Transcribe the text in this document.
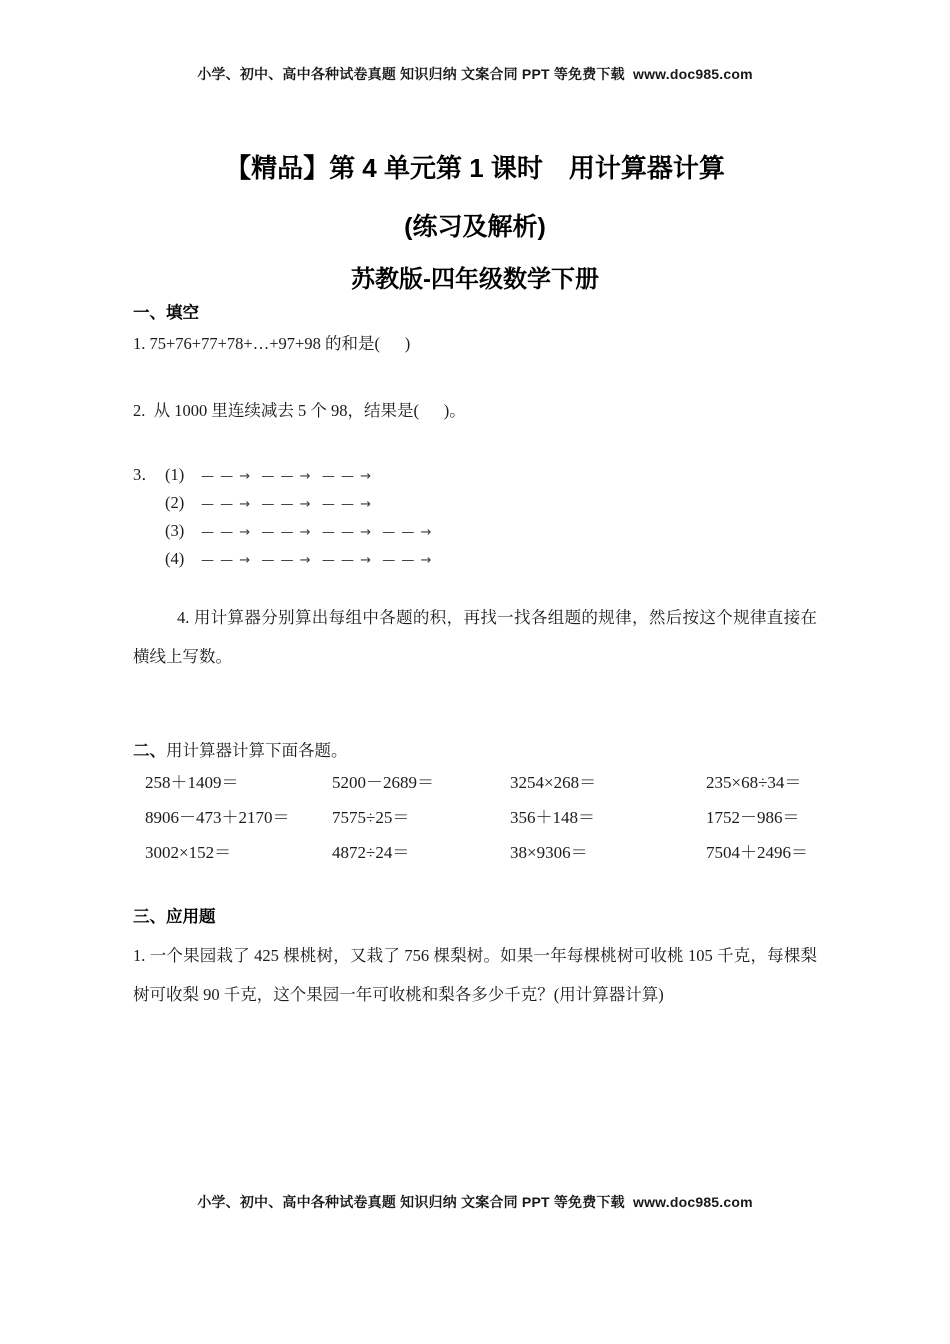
小学、初中、高中各种试卷真题 知识归纳 文案合同 PPT 等免费下载  www.doc985.com
【精品】第 4 单元第 1 课时　用计算器计算
(练习及解析)
苏教版-四年级数学下册
一、填空
1. 75+76+77+78+…+97+98 的和是(      )
2.  从 1000 里连续减去 5 个 98，结果是(      )。
3． (1) — — →  — — →  — — →
(2) — — →  — — →  — — →
(3) — — →  — — →  — — →  — — →
(4) — — →  — — →  — — →  — — →
4. 用计算器分别算出每组中各题的积，再找一找各组题的规律，然后按这个规律直接在横线上写数。
二、用计算器计算下面各题。
258＋1409＝	5200－2689＝	3254×268＝	235×68÷34＝
8906－473＋2170＝	7575÷25＝	356＋148＝	1752－986＝
3002×152＝	4872÷24＝	38×9306＝	7504＋2496＝
三、应用题
1. 一个果园栽了 425 棵桃树，又栽了 756 棵梨树。如果一年每棵桃树可收桃 105 千克，每棵梨树可收梨 90 千克，这个果园一年可收桃和梨各多少千克？(用计算器计算)
小学、初中、高中各种试卷真题 知识归纳 文案合同 PPT 等免费下载  www.doc985.com
